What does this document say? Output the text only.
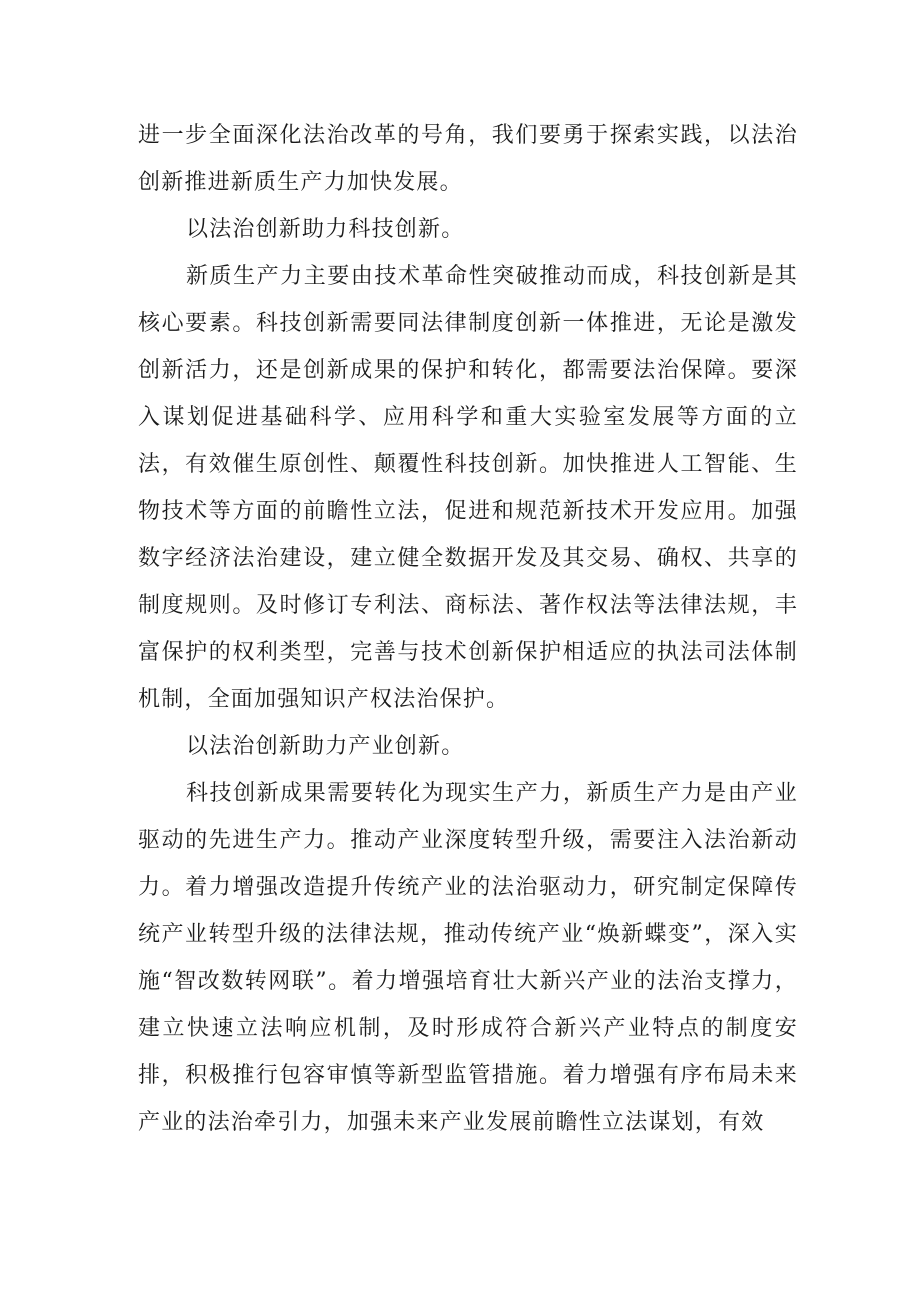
进一步全面深化法治改革的号角，我们要勇于探索实践，以法治创新推进新质生产力加快发展。

以法治创新助力科技创新。

新质生产力主要由技术革命性突破推动而成，科技创新是其核心要素。科技创新需要同法律制度创新一体推进，无论是激发创新活力，还是创新成果的保护和转化，都需要法治保障。要深入谋划促进基础科学、应用科学和重大实验室发展等方面的立法，有效催生原创性、颠覆性科技创新。加快推进人工智能、生物技术等方面的前瞻性立法，促进和规范新技术开发应用。加强数字经济法治建设，建立健全数据开发及其交易、确权、共享的制度规则。及时修订专利法、商标法、著作权法等法律法规，丰富保护的权利类型，完善与技术创新保护相适应的执法司法体制机制，全面加强知识产权法治保护。

以法治创新助力产业创新。

科技创新成果需要转化为现实生产力，新质生产力是由产业驱动的先进生产力。推动产业深度转型升级，需要注入法治新动力。着力增强改造提升传统产业的法治驱动力，研究制定保障传统产业转型升级的法律法规，推动传统产业“焕新蝶变”，深入实施“智改数转网联”。着力增强培育壮大新兴产业的法治支撑力，建立快速立法响应机制，及时形成符合新兴产业特点的制度安排，积极推行包容审慎等新型监管措施。着力增强有序布局未来产业的法治牵引力，加强未来产业发展前瞻性立法谋划，有效
